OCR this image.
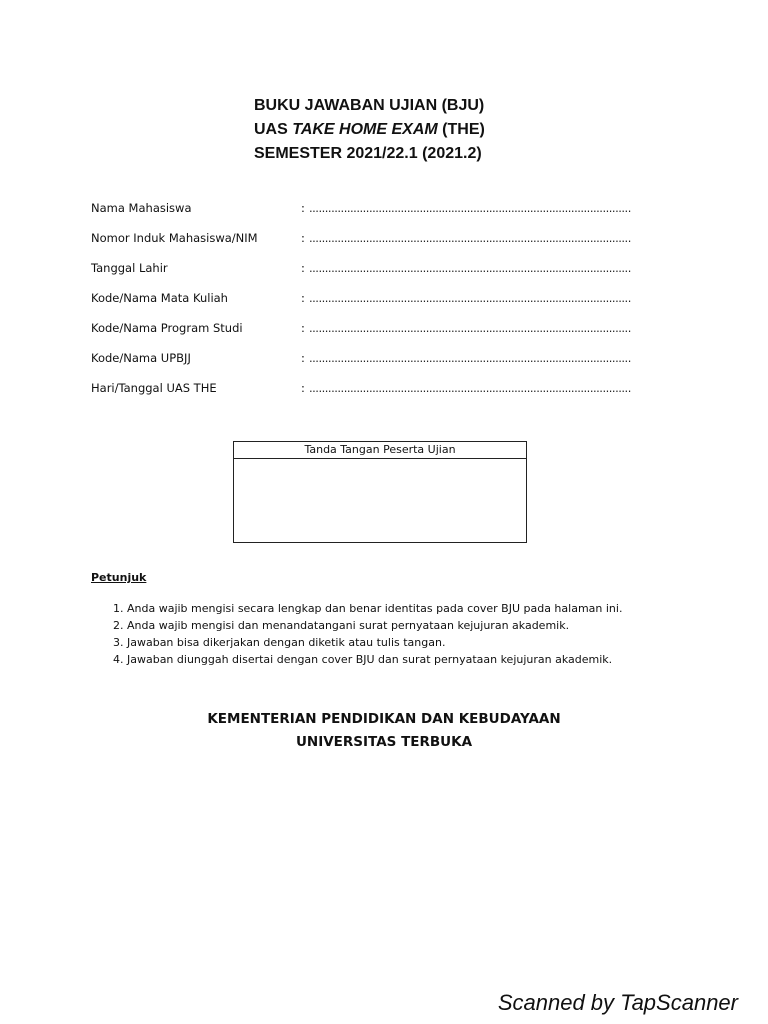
BUKU JAWABAN UJIAN (BJU)
UAS TAKE HOME EXAM (THE)
SEMESTER 2021/22.1 (2021.2)
Nama Mahasiswa	: ......................................................................................................
Nomor Induk Mahasiswa/NIM	: ......................................................................................................
Tanggal Lahir	: ......................................................................................................
Kode/Nama Mata Kuliah	: ......................................................................................................
Kode/Nama Program Studi	: ......................................................................................................
Kode/Nama UPBJJ	: ......................................................................................................
Hari/Tanggal UAS THE	: ......................................................................................................
Tanda Tangan Peserta Ujian
Petunjuk
1. Anda wajib mengisi secara lengkap dan benar identitas pada cover BJU pada halaman ini.
2. Anda wajib mengisi dan menandatangani surat pernyataan kejujuran akademik.
3. Jawaban bisa dikerjakan dengan diketik atau tulis tangan.
4. Jawaban diunggah disertai dengan cover BJU dan surat pernyataan kejujuran akademik.
KEMENTERIAN PENDIDIKAN DAN KEBUDAYAAN
UNIVERSITAS TERBUKA
Scanned by TapScanner
